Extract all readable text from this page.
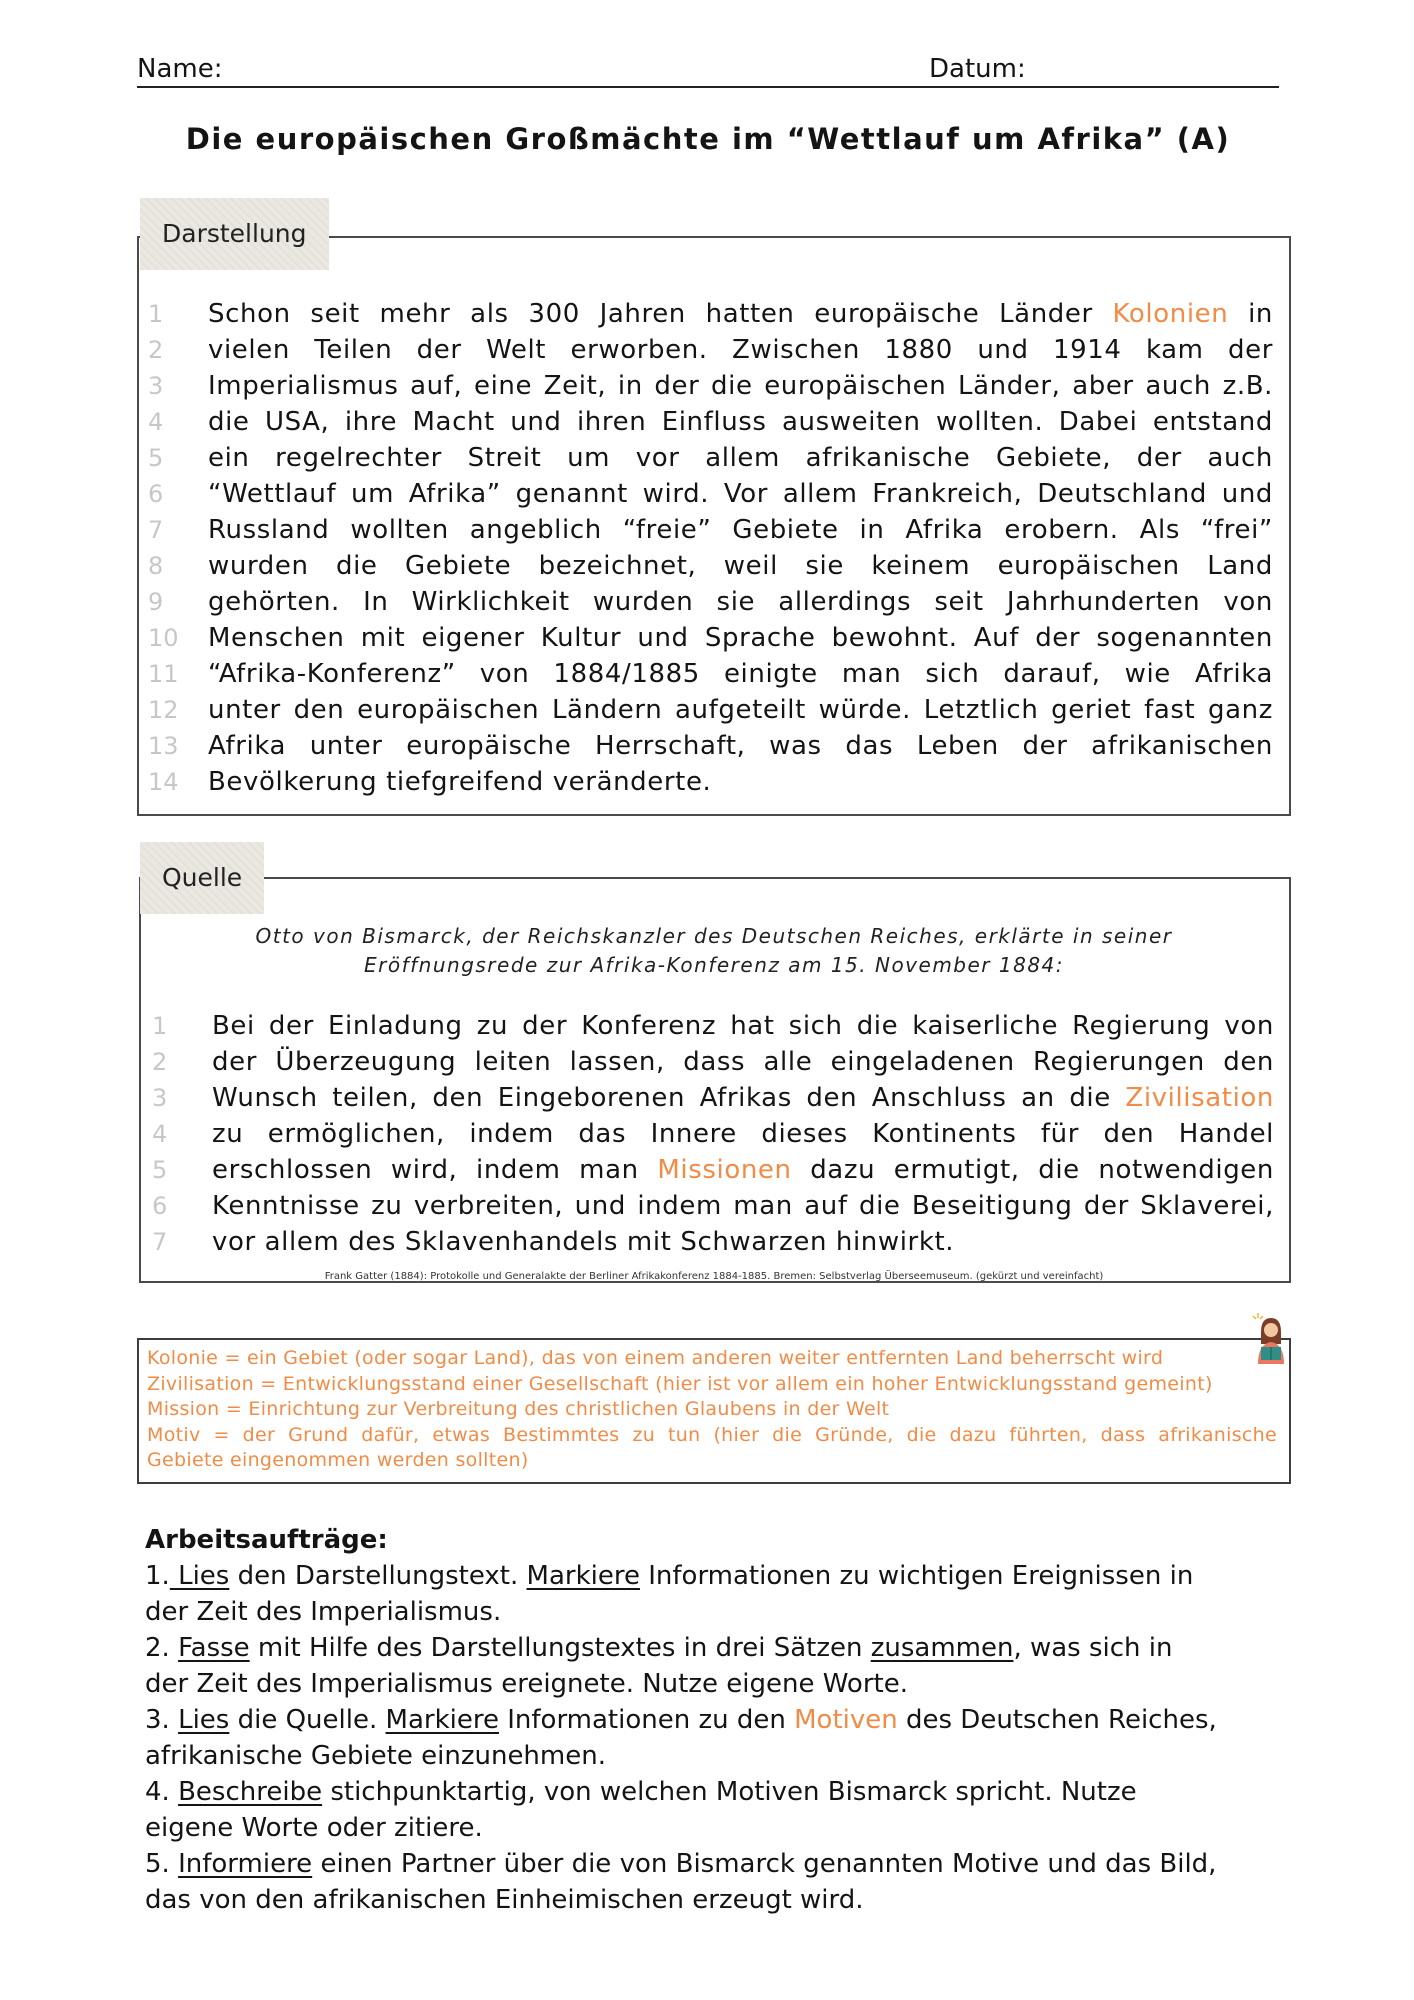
Name:	Datum:
Die europäischen Großmächte im “Wettlauf um Afrika” (A)
Darstellung
1	Schon seit mehr als 300 Jahren hatten europäische Länder Kolonien in
2	vielen Teilen der Welt erworben. Zwischen 1880 und 1914 kam der
3	Imperialismus auf, eine Zeit, in der die europäischen Länder, aber auch z.B.
4	die USA, ihre Macht und ihren Einfluss ausweiten wollten. Dabei entstand
5	ein regelrechter Streit um vor allem afrikanische Gebiete, der auch
6	“Wettlauf um Afrika” genannt wird. Vor allem Frankreich, Deutschland und
7	Russland wollten angeblich “freie” Gebiete in Afrika erobern. Als “frei”
8	wurden die Gebiete bezeichnet, weil sie keinem europäischen Land
9	gehörten. In Wirklichkeit wurden sie allerdings seit Jahrhunderten von
10	Menschen mit eigener Kultur und Sprache bewohnt. Auf der sogenannten
11	“Afrika-Konferenz” von 1884/1885 einigte man sich darauf, wie Afrika
12	unter den europäischen Ländern aufgeteilt würde. Letztlich geriet fast ganz
13	Afrika unter europäische Herrschaft, was das Leben der afrikanischen
14	Bevölkerung tiefgreifend veränderte.
Quelle
Otto von Bismarck, der Reichskanzler des Deutschen Reiches, erklärte in seiner
Eröffnungsrede zur Afrika-Konferenz am 15. November 1884:
1	Bei der Einladung zu der Konferenz hat sich die kaiserliche Regierung von
2	der Überzeugung leiten lassen, dass alle eingeladenen Regierungen den
3	Wunsch teilen, den Eingeborenen Afrikas den Anschluss an die Zivilisation
4	zu ermöglichen, indem das Innere dieses Kontinents für den Handel
5	erschlossen wird, indem man Missionen dazu ermutigt, die notwendigen
6	Kenntnisse zu verbreiten, und indem man auf die Beseitigung der Sklaverei,
7	vor allem des Sklavenhandels mit Schwarzen hinwirkt.
Frank Gatter (1884): Protokolle und Generalakte der Berliner Afrikakonferenz 1884-1885. Bremen: Selbstverlag Überseemuseum. (gekürzt und vereinfacht)
Kolonie = ein Gebiet (oder sogar Land), das von einem anderen weiter entfernten Land beherrscht wird
Zivilisation = Entwicklungsstand einer Gesellschaft (hier ist vor allem ein hoher Entwicklungsstand gemeint)
Mission = Einrichtung zur Verbreitung des christlichen Glaubens in der Welt
Motiv = der Grund dafür, etwas Bestimmtes zu tun (hier die Gründe, die dazu führten, dass afrikanische
Gebiete eingenommen werden sollten)
Arbeitsaufträge:
1. Lies den Darstellungstext. Markiere Informationen zu wichtigen Ereignissen in
der Zeit des Imperialismus.
2. Fasse mit Hilfe des Darstellungstextes in drei Sätzen zusammen, was sich in
der Zeit des Imperialismus ereignete. Nutze eigene Worte.
3. Lies die Quelle. Markiere Informationen zu den Motiven des Deutschen Reiches,
afrikanische Gebiete einzunehmen.
4. Beschreibe stichpunktartig, von welchen Motiven Bismarck spricht. Nutze
eigene Worte oder zitiere.
5. Informiere einen Partner über die von Bismarck genannten Motive und das Bild,
das von den afrikanischen Einheimischen erzeugt wird.
